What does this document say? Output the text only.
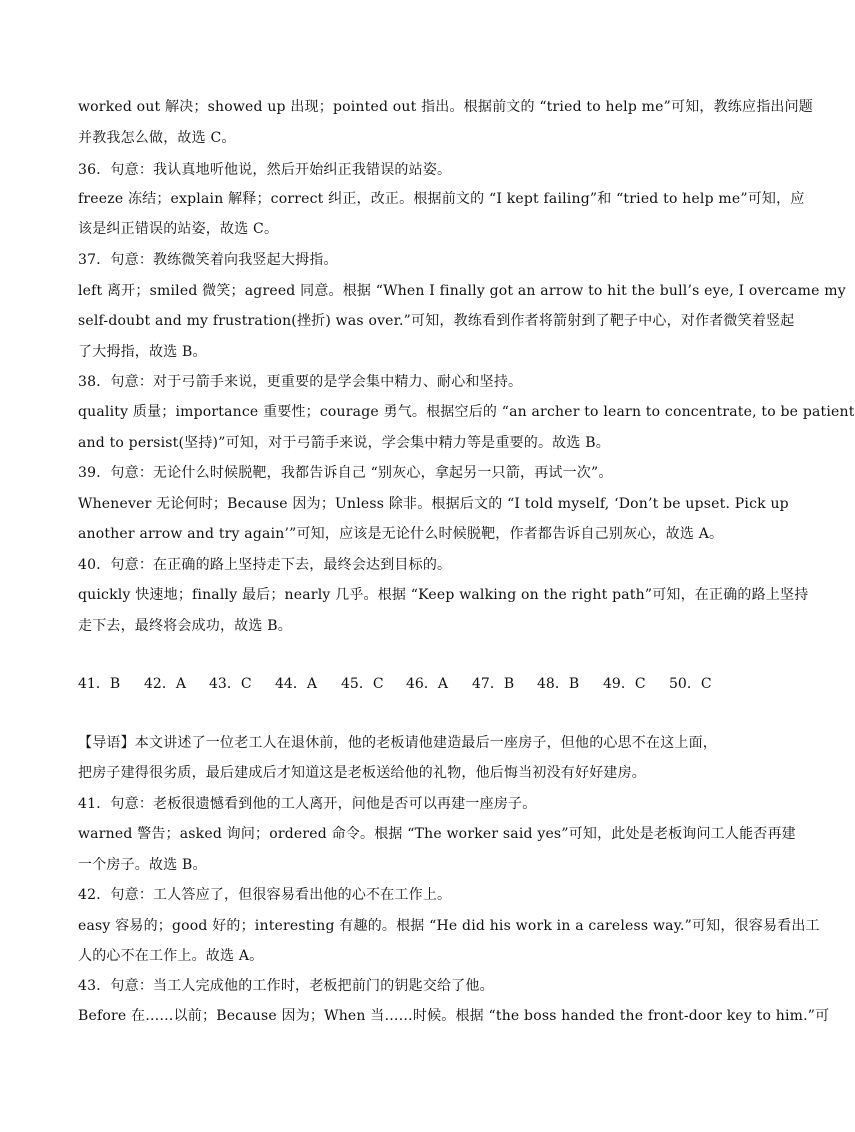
worked out 解决；showed up 出现；pointed out 指出。根据前文的 “tried to help me”可知，教练应指出问题
并教我怎么做，故选 C。
36．句意：我认真地听他说，然后开始纠正我错误的站姿。
freeze 冻结；explain 解释；correct 纠正，改正。根据前文的 “I kept failing”和 “tried to help me”可知，应
该是纠正错误的站姿，故选 C。
37．句意：教练微笑着向我竖起大拇指。
left 离开；smiled 微笑；agreed 同意。根据 “When I finally got an arrow to hit the bull’s eye, I overcame my
self-doubt and my frustration(挫折) was over.”可知，教练看到作者将箭射到了靶子中心，对作者微笑着竖起
了大拇指，故选 B。
38．句意：对于弓箭手来说，更重要的是学会集中精力、耐心和坚持。
quality 质量；importance 重要性；courage 勇气。根据空后的 “an archer to learn to concentrate, to be patient
and to persist(坚持)”可知，对于弓箭手来说，学会集中精力等是重要的。故选 B。
39．句意：无论什么时候脱靶，我都告诉自己 “别灰心，拿起另一只箭，再试一次”。
Whenever 无论何时；Because 因为；Unless 除非。根据后文的 “I told myself, ‘Don’t be upset. Pick up
another arrow and try again’”可知，应该是无论什么时候脱靶，作者都告诉自己别灰心，故选 A。
40．句意：在正确的路上坚持走下去，最终会达到目标的。
quickly 快速地；finally 最后；nearly 几乎。根据 “Keep walking on the right path”可知，在正确的路上坚持
走下去，最终将会成功，故选 B。
41．B 42．A 43．C 44．A 45．C 46．A 47．B 48．B 49．C 50．C
【导语】本文讲述了一位老工人在退休前，他的老板请他建造最后一座房子，但他的心思不在这上面，
把房子建得很劣质，最后建成后才知道这是老板送给他的礼物，他后悔当初没有好好建房。
41．句意：老板很遗憾看到他的工人离开，问他是否可以再建一座房子。
warned 警告；asked 询问；ordered 命令。根据 “The worker said yes”可知，此处是老板询问工人能否再建
一个房子。故选 B。
42．句意：工人答应了，但很容易看出他的心不在工作上。
easy 容易的；good 好的；interesting 有趣的。根据 “He did his work in a careless way.”可知，很容易看出工
人的心不在工作上。故选 A。
43．句意：当工人完成他的工作时，老板把前门的钥匙交给了他。
Before 在……以前；Because 因为；When 当……时候。根据 “the boss handed the front-door key to him.”可
